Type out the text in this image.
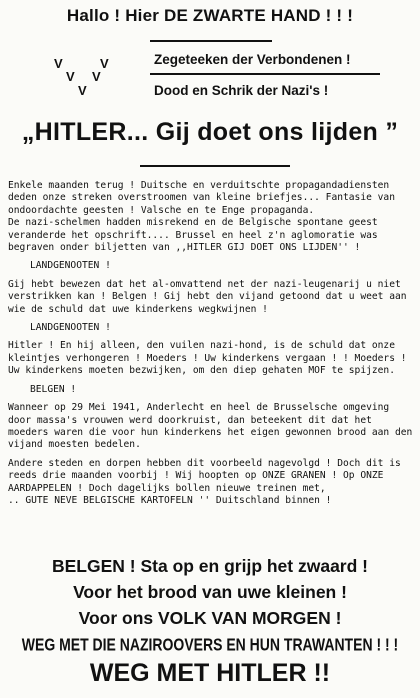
Hallo ! Hier DE ZWARTE HAND ! ! !
V	V
V V
V
Zegeteeken der Verbondenen !
Dood en Schrik der Nazi's !
„HITLER... Gij doet ons lijden ”

Enkele maanden terug ! Duitsche en verduitschte propagandadiensten deden onze streken overstroomen van kleine briefjes... Fantasie van ondoordachte geesten ! Valsche en te Enge propaganda.
De nazi-schelmen hadden misrekend en de Belgische spontane geest veranderde het opschrift.... Brussel en heel z'n aglomoratie was begraven onder biljetten van ,,HITLER GIJ DOET ONS LIJDEN'' !

LANDGENOOTEN !

Gij hebt bewezen dat het al-omvattend net der nazi-leugenarij u niet verstrikken kan ! Belgen ! Gij hebt den vijand getoond dat u weet aan wie de schuld dat uwe kinderkens wegkwijnen !

LANDGENOOTEN !

Hitler ! En hij alleen, den vuilen nazi-hond, is de schuld dat onze kleintjes verhongeren ! Moeders ! Uw kinderkens vergaan ! ! Moeders ! Uw kinderkens moeten bezwijken, om den diep gehaten MOF te spijzen.

BELGEN !

Wanneer op 29 Mei 1941, Anderlecht en heel de Brusselsche omgeving door massa's vrouwen werd doorkruist, dan beteekent dit dat het moeders waren die voor hun kinderkens het eigen gewonnen brood aan den vijand moesten bedelen.

Andere steden en dorpen hebben dit voorbeeld nagevolgd ! Doch dit is reeds drie maanden voorbij ! Wij hoopten op ONZE GRANEN ! Op ONZE AARDAPPELEN ! Doch dagelijks bollen nieuwe treinen met,
.. GUTE NEVE BELGISCHE KARTOFELN '' Duitschland binnen !

BELGEN ! Sta op en grijp het zwaard !
Voor het brood van uwe kleinen !
Voor ons VOLK VAN MORGEN !
WEG MET DIE NAZIROOVERS EN HUN TRAWANTEN ! ! !
WEG MET HITLER !!
